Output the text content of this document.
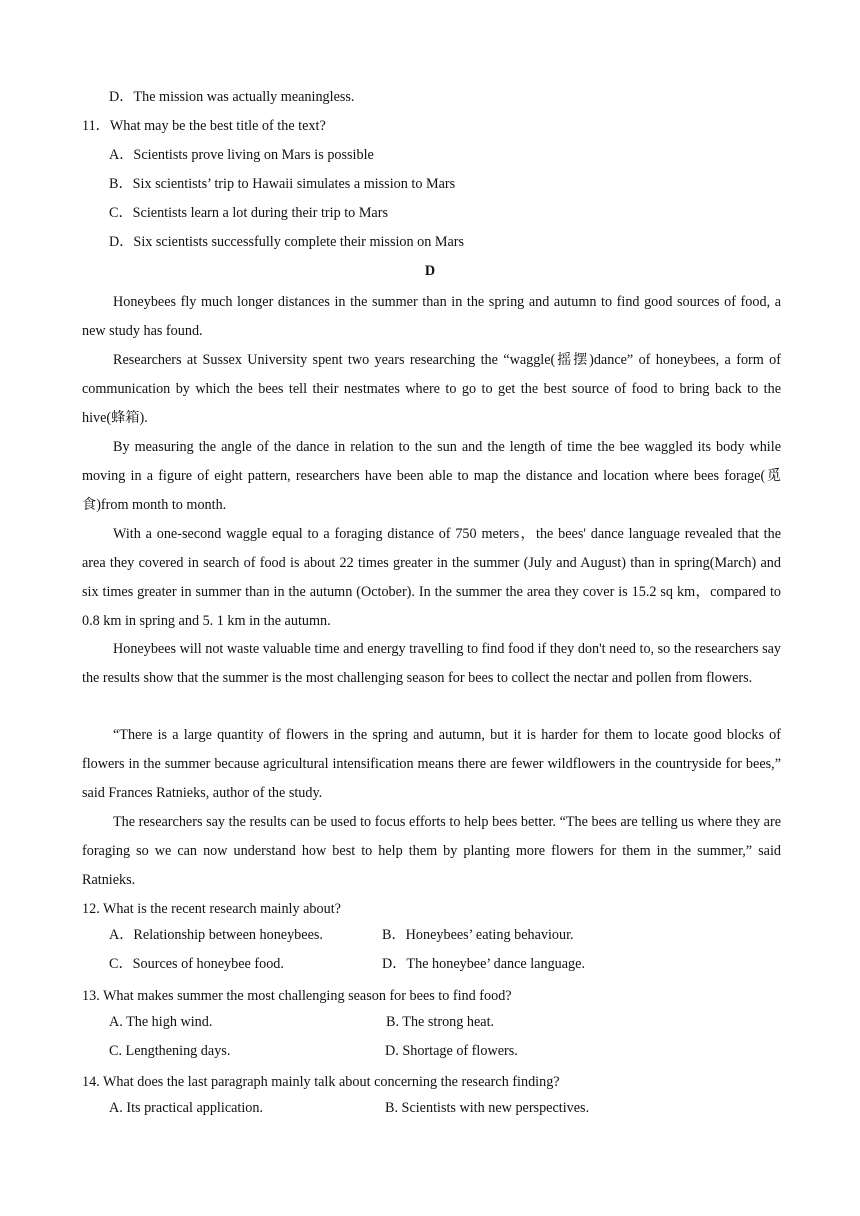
D．The mission was actually meaningless.
11．What may be the best title of the text?
A．Scientists prove living on Mars is possible
B．Six scientists’ trip to Hawaii simulates a mission to Mars
C．Scientists learn a lot during their trip to Mars
D．Six scientists successfully complete their mission on Mars
D
Honeybees fly much longer distances in the summer than in the spring and autumn to find good sources of food, a new study has found.
Researchers at Sussex University spent two years researching the “waggle(摇摆)dance” of honeybees, a form of communication by which the bees tell their nestmates where to go to get the best source of food to bring back to the hive(蜂箱).
By measuring the angle of the dance in relation to the sun and the length of time the bee waggled its body while moving in a figure of eight pattern, researchers have been able to map the distance and location where bees forage(觅食)from month to month.
With a one-second waggle equal to a foraging distance of 750 meters，the bees' dance language revealed that the area they covered in search of food is about 22 times greater in the summer (July and August) than in spring(March) and six times greater in summer than in the autumn (October). In the summer the area they cover is 15.2 sq km，compared to 0.8 km in spring and 5. 1 km in the autumn.
Honeybees will not waste valuable time and energy travelling to find food if they don't need to, so the researchers say the results show that the summer is the most challenging season for bees to collect the nectar and pollen from flowers.
“There is a large quantity of flowers in the spring and autumn, but it is harder for them to locate good blocks of flowers in the summer because agricultural intensification means there are fewer wildflowers in the countryside for bees,” said Frances Ratnieks, author of the study.
The researchers say the results can be used to focus efforts to help bees better. “The bees are telling us where they are foraging so we can now understand how best to help them by planting more flowers for them in the summer,” said Ratnieks.
12. What is the recent research mainly about?
A．Relationship between honeybees.	B．Honeybees’ eating behaviour.
C．Sources of honeybee food.	D．The honeybee’ dance language.
13. What makes summer the most challenging season for bees to find food?
A. The high wind.	B. The strong heat.
C. Lengthening days.	D. Shortage of flowers.
14. What does the last paragraph mainly talk about concerning the research finding?
A. Its practical application.	B. Scientists with new perspectives.
